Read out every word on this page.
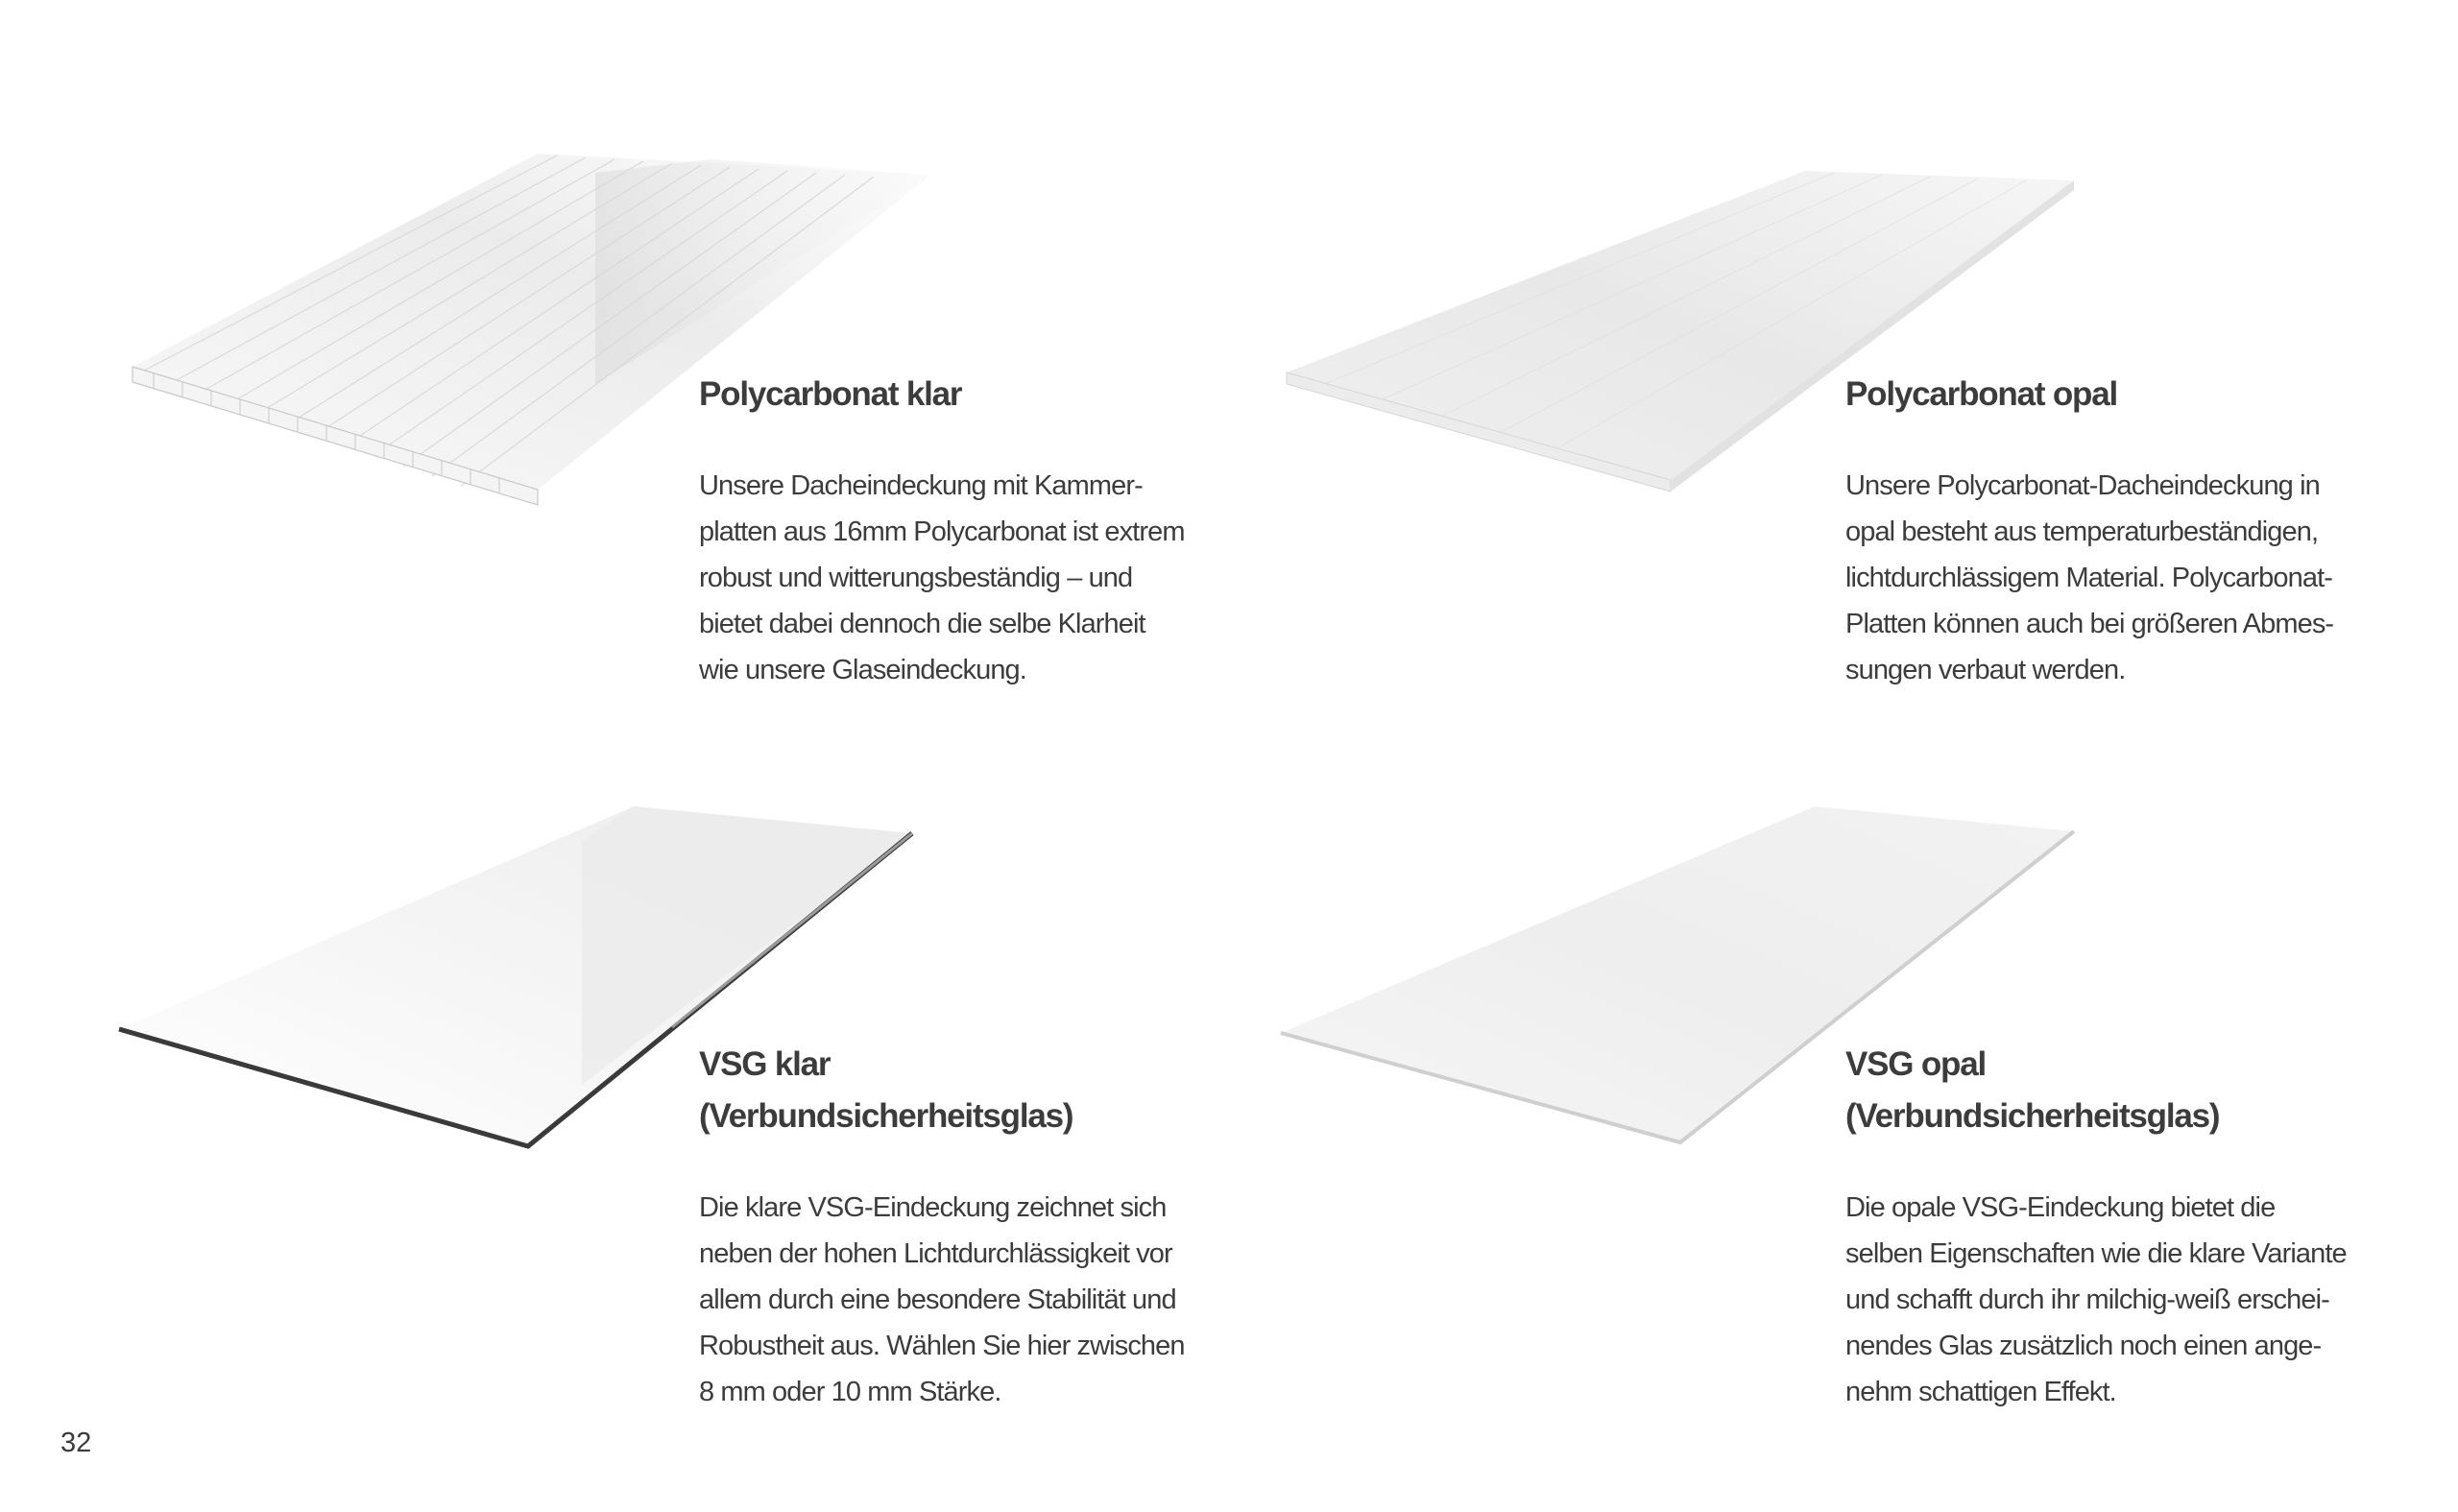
Polycarbonat klar

Unsere Dacheindeckung mit Kammer-
platten aus 16mm Polycarbonat ist extrem
robust und witterungsbeständig – und
bietet dabei dennoch die selbe Klarheit
wie unsere Glaseindeckung.

Polycarbonat opal

Unsere Polycarbonat-Dacheindeckung in
opal besteht aus temperaturbeständigen,
lichtdurchlässigem Material. Polycarbonat-
Platten können auch bei größeren Abmes-
sungen verbaut werden.

VSG klar
(Verbundsicherheitsglas)

Die klare VSG-Eindeckung zeichnet sich
neben der hohen Lichtdurchlässigkeit vor
allem durch eine besondere Stabilität und
Robustheit aus. Wählen Sie hier zwischen
8 mm oder 10 mm Stärke.

VSG opal
(Verbundsicherheitsglas)

Die opale VSG-Eindeckung bietet die
selben Eigenschaften wie die klare Variante
und schafft durch ihr milchig-weiß erschei-
nendes Glas zusätzlich noch einen ange-
nehm schattigen Effekt.

32
